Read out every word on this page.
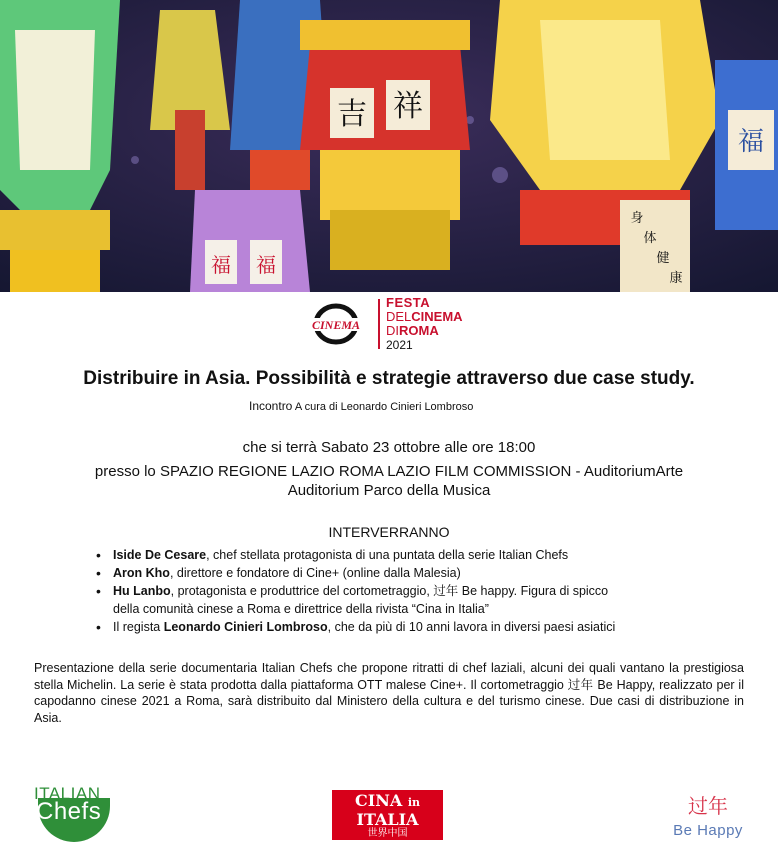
福 福
吉 祥
福
身
体
健
康
CINEMA
FESTA
DELCINEMA
DIROMA
2021
Distribuire in Asia. Possibilità e strategie attraverso due case study.
Incontro A cura di Leonardo Cinieri Lombroso
che si terrà Sabato 23 ottobre alle ore 18:00
presso lo SPAZIO REGIONE LAZIO ROMA LAZIO FILM COMMISSION - AuditoriumArte
Auditorium Parco della Musica
INTERVERRANNO
• Iside De Cesare, chef stellata protagonista di una puntata della serie Italian Chefs
• Aron Kho, direttore e fondatore di Cine+ (online dalla Malesia)
• Hu Lanbo, protagonista e produttrice del cortometraggio, 过年 Be happy. Figura di spicco
della comunità cinese a Roma e direttrice della rivista “Cina in Italia”
• Il regista Leonardo Cinieri Lombroso, che da più di 10 anni lavora in diversi paesi asiatici
Presentazione della serie documentaria Italian Chefs che propone ritratti di chef laziali, alcuni dei quali vantano la prestigiosa stella Michelin. La serie è stata prodotta dalla piattaforma OTT malese Cine+. Il cortometraggio 过年 Be Happy, realizzato per il capodanno cinese 2021 a Roma, sarà distribuito dal Ministero della cultura e del turismo cinese. Due casi di distribuzione in Asia.
ITALIAN
Chefs	CINA in
ITALIA
世界中国
过年
Be Happy
